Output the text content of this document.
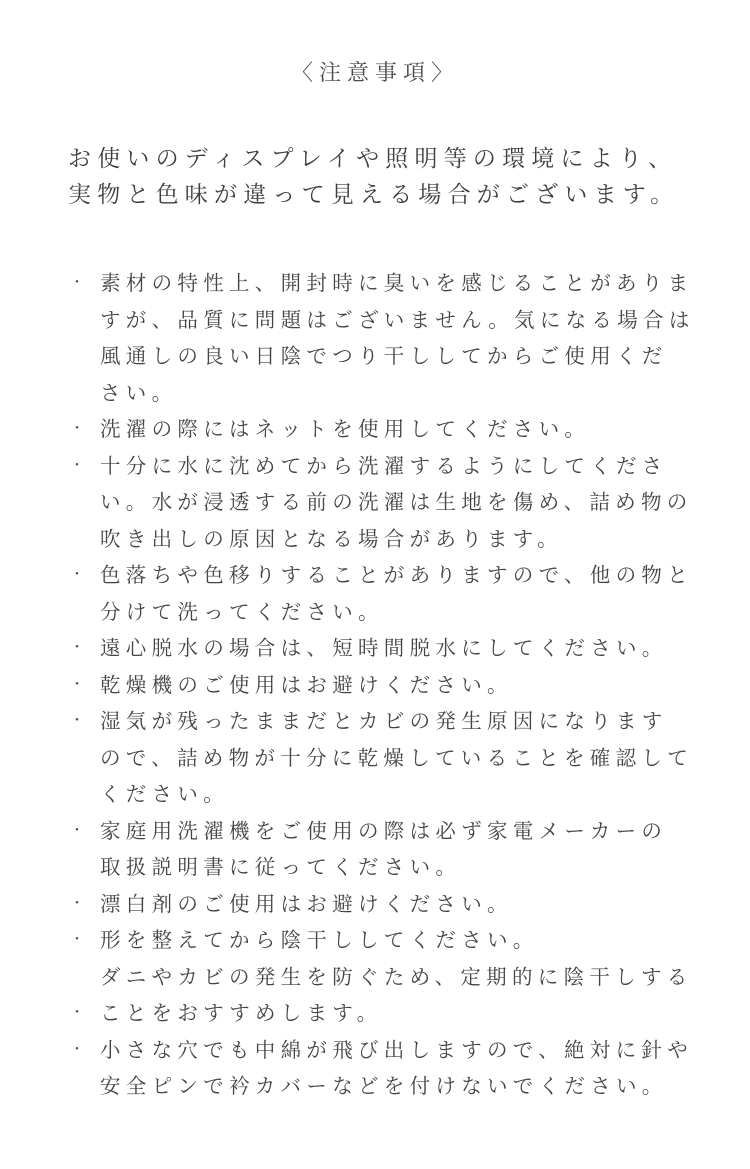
〈注意事項〉
お使いのディスプレイや照明等の環境により、
実物と色味が違って見える場合がございます。
・ 素材の特性上、開封時に臭いを感じることがありま
すが、品質に問題はございません。気になる場合は
風通しの良い日陰でつり干ししてからご使用くだ
さい。
・ 洗濯の際にはネットを使用してください。
・ 十分に水に沈めてから洗濯するようにしてくださ
い。水が浸透する前の洗濯は生地を傷め、詰め物の
吹き出しの原因となる場合があります。
・ 色落ちや色移りすることがありますので、他の物と
分けて洗ってください。
・ 遠心脱水の場合は、短時間脱水にしてください。
・ 乾燥機のご使用はお避けください。
・ 湿気が残ったままだとカビの発生原因になります
ので、詰め物が十分に乾燥していることを確認して
ください。
・ 家庭用洗濯機をご使用の際は必ず家電メーカーの
取扱説明書に従ってください。
・ 漂白剤のご使用はお避けください。
・ 形を整えてから陰干ししてください。
・
ダニやカビの発生を防ぐため、定期的に陰干しする
ことをおすすめします。
・ 小さな穴でも中綿が飛び出しますので、絶対に針や
安全ピンで衿カバーなどを付けないでください。
